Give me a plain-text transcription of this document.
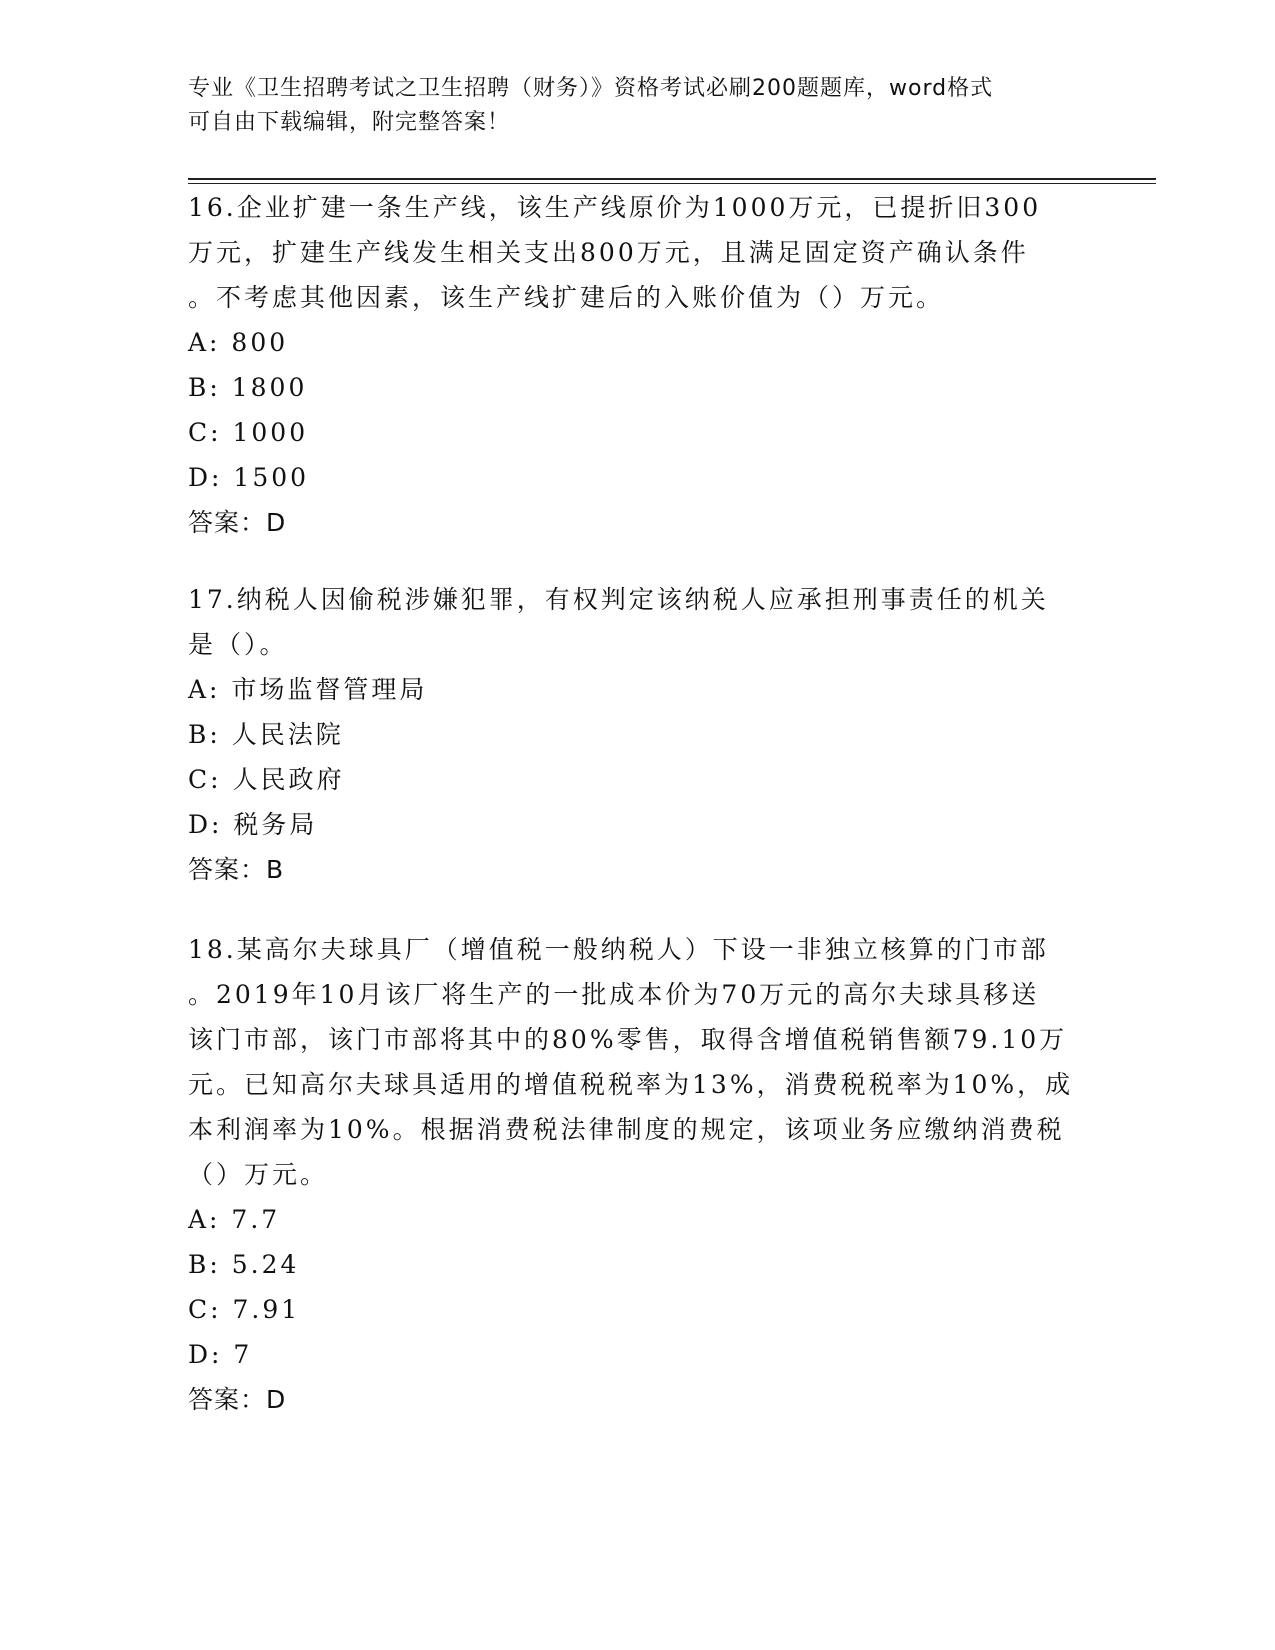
专业《卫生招聘考试之卫生招聘（财务）》资格考试必刷200题题库，word格式
可自由下载编辑，附完整答案！

16.企业扩建一条生产线，该生产线原价为1000万元，已提折旧300

万元，扩建生产线发生相关支出800万元，且满足固定资产确认条件

。不考虑其他因素，该生产线扩建后的入账价值为（）万元。

A: 800

B: 1800

C: 1000

D: 1500

答案：D

17.纳税人因偷税涉嫌犯罪，有权判定该纳税人应承担刑事责任的机关

是（）。

A: 市场监督管理局

B: 人民法院

C: 人民政府

D: 税务局

答案：B

18.某高尔夫球具厂（增值税一般纳税人）下设一非独立核算的门市部

。2019年10月该厂将生产的一批成本价为70万元的高尔夫球具移送

该门市部，该门市部将其中的80%零售，取得含增值税销售额79.10万

元。已知高尔夫球具适用的增值税税率为13%，消费税税率为10%，成

本利润率为10%。根据消费税法律制度的规定，该项业务应缴纳消费税

（）万元。

A: 7.7

B: 5.24

C: 7.91

D: 7

答案：D
